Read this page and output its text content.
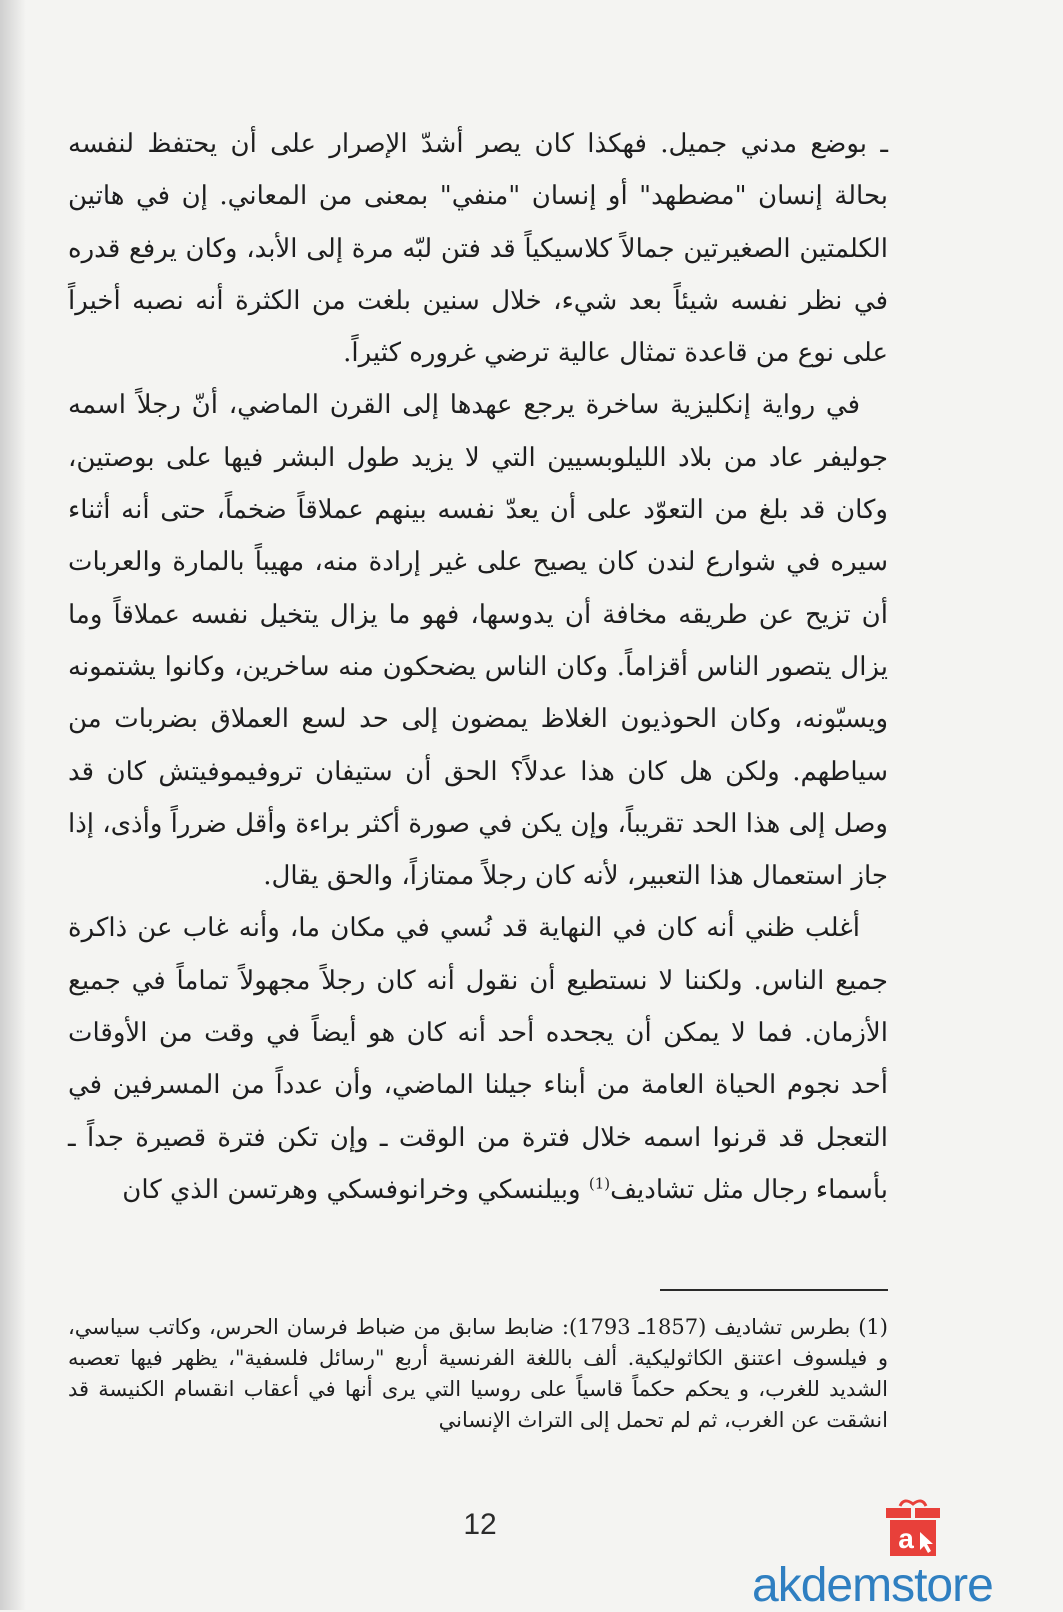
ـ بوضع مدني جميل. فهكذا كان يصر أشدّ الإصرار على أن يحتفظ لنفسه بحالة إنسان "مضطهد" أو إنسان "منفي" بمعنى من المعاني. إن في هاتين الكلمتين الصغيرتين جمالاً كلاسيكياً قد فتن لبّه مرة إلى الأبد، وكان يرفع قدره في نظر نفسه شيئاً بعد شيء، خلال سنين بلغت من الكثرة أنه نصبه أخيراً على نوع من قاعدة تمثال عالية ترضي غروره كثيراً.

في رواية إنكليزية ساخرة يرجع عهدها إلى القرن الماضي، أنّ رجلاً اسمه جوليفر عاد من بلاد الليلوبسيين التي لا يزيد طول البشر فيها على بوصتين، وكان قد بلغ من التعوّد على أن يعدّ نفسه بينهم عملاقاً ضخماً، حتى أنه أثناء سيره في شوارع لندن كان يصيح على غير إرادة منه، مهيباً بالمارة والعربات أن تزيح عن طريقه مخافة أن يدوسها، فهو ما يزال يتخيل نفسه عملاقاً وما يزال يتصور الناس أقزاماً. وكان الناس يضحكون منه ساخرين، وكانوا يشتمونه ويسبّونه، وكان الحوذيون الغلاظ يمضون إلى حد لسع العملاق بضربات من سياطهم. ولكن هل كان هذا عدلاً؟ الحق أن ستيفان تروفيموفيتش كان قد وصل إلى هذا الحد تقريباً، وإن يكن في صورة أكثر براءة وأقل ضرراً وأذى، إذا جاز استعمال هذا التعبير، لأنه كان رجلاً ممتازاً، والحق يقال.

أغلب ظني أنه كان في النهاية قد نُسي في مكان ما، وأنه غاب عن ذاكرة جميع الناس. ولكننا لا نستطيع أن نقول أنه كان رجلاً مجهولاً تماماً في جميع الأزمان. فما لا يمكن أن يجحده أحد أنه كان هو أيضاً في وقت من الأوقات أحد نجوم الحياة العامة من أبناء جيلنا الماضي، وأن عدداً من المسرفين في التعجل قد قرنوا اسمه خلال فترة من الوقت ـ وإن تكن فترة قصيرة جداً ـ بأسماء رجال مثل تشاديف$^{(1)}$ وبيلنسكي وخرانوفسكي وهرتسن الذي كان

(1) بطرس تشاديف (1857ـ 1793): ضابط سابق من ضباط فرسان الحرس، وكاتب سياسي، و فيلسوف اعتنق الكاثوليكية. ألف باللغة الفرنسية أربع "رسائل فلسفية"، يظهر فيها تعصبه الشديد للغرب، و يحكم حكماً قاسياً على روسيا التي يرى أنها في أعقاب انقسام الكنيسة قد انشقت عن الغرب، ثم لم تحمل إلى التراث الإنساني

12	a
akdemstore
